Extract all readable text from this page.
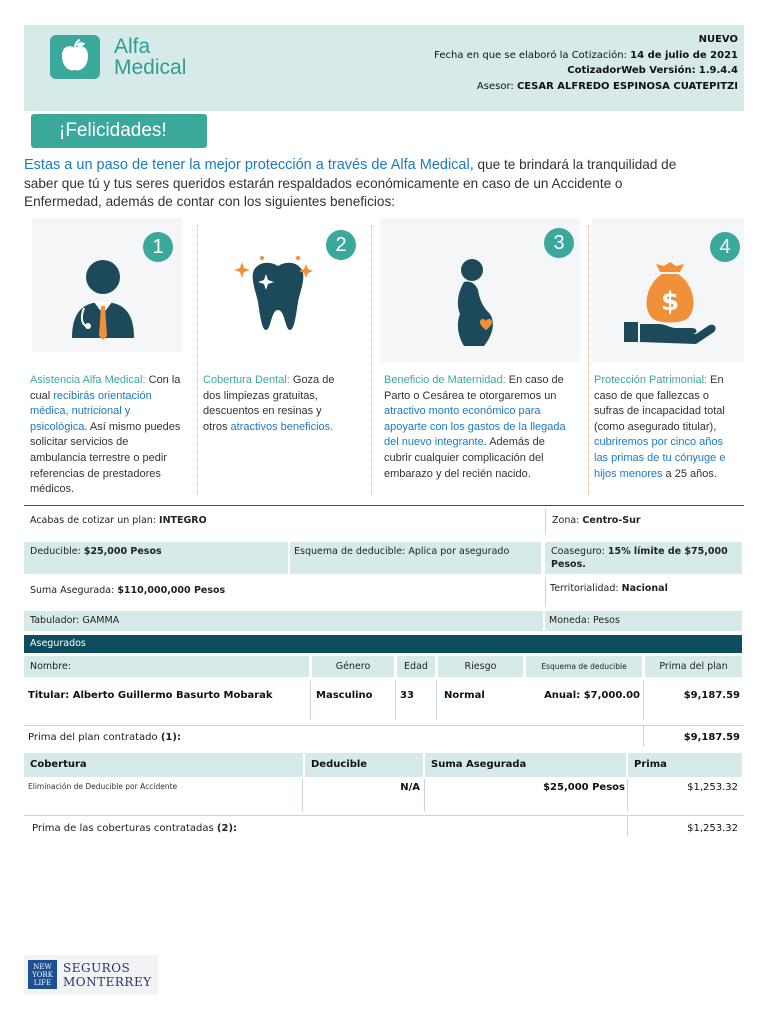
Alfa
Medical
NUEVO
Fecha en que se elaboró la Cotización: 14 de julio de 2021
CotizadorWeb Versión: 1.9.4.4
Asesor: CESAR ALFREDO ESPINOSA CUATEPITZI
¡Felicidades!
Estas a un paso de tener la mejor protección a través de Alfa Medical, que te brindará la tranquilidad de saber que tú y tus seres queridos estarán respaldados económicamente en caso de un Accidente o Enfermedad, además de contar con los siguientes beneficios:
1
Asistencia Alfa Medical: Con la cual recibirás orientación médica, nutricional y psicológica. Así mismo puedes solicitar servicios de ambulancia terrestre o pedir referencias de prestadores médicos.
2
Cobertura Dental: Goza de dos limpiezas gratuitas, descuentos en resinas y otros atractivos beneficios.
3
Beneficio de Maternidad: En caso de Parto o Cesárea te otorgaremos un atractivo monto económico para apoyarte con los gastos de la llegada del nuevo integrante. Además de cubrir cualquier complicación del embarazo y del recién nacido.
$
4
Protección Patrimonial: En caso de que fallezcas o sufras de incapacidad total (como asegurado titular), cubriremos por cinco años las primas de tu cónyuge e hijos menores a 25 años.
Acabas de cotizar un plan: INTEGRO	Zona: Centro-Sur
Deducible: $25,000 Pesos	Esquema de deducible: Aplica por asegurado	Coaseguro: 15% límite de $75,000 Pesos.
Suma Asegurada: $110,000,000 Pesos	Territorialidad: Nacional
Tabulador: GAMMA	Moneda: Pesos
Asegurados
Nombre:	Género	Edad	Riesgo	Esquema de deducible	Prima del plan
Titular: Alberto Guillermo Basurto Mobarak	Masculino	33	Normal	Anual: $7,000.00	$9,187.59
Prima del plan contratado (1):	$9,187.59
Cobertura	Deducible	Suma Asegurada	Prima
Eliminación de Deducible por Accidente	N/A	$25,000 Pesos	$1,253.32
Prima de las coberturas contratadas (2):	$1,253.32
NEW YORK LIFE
SEGUROS
MONTERREY
